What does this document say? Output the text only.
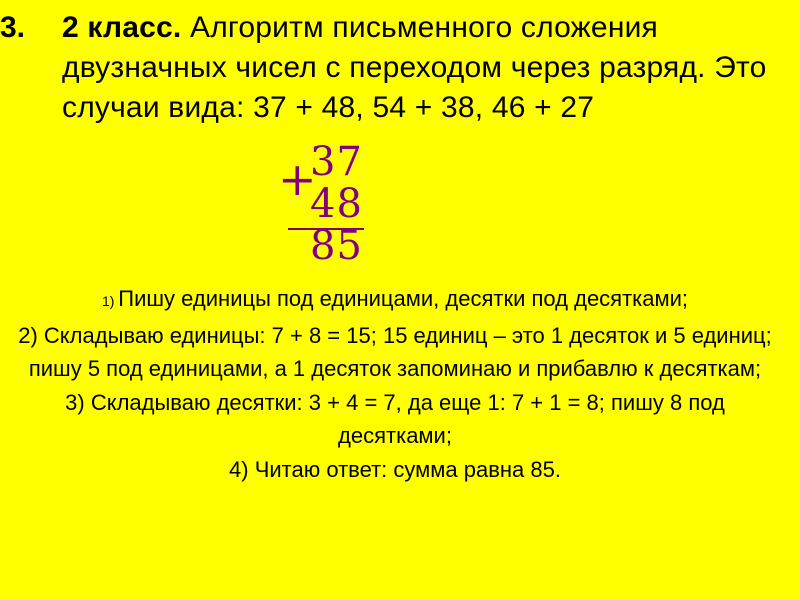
3. 2 класс. Алгоритм письменного сложения двузначных чисел с переходом через разряд. Это случаи вида: 37 + 48, 54 + 38, 46 + 27
+
37
48
85

1) Пишу единицы под единицами, десятки под десятками;

2) Складываю единицы: 7 + 8 = 15; 15 единиц – это 1 десяток и 5 единиц; пишу 5 под единицами, а 1 десяток запоминаю и прибавлю к десяткам;

3) Складываю десятки: 3 + 4 = 7, да еще 1: 7 + 1 = 8; пишу 8 под десятками;

4) Читаю ответ: сумма равна 85.
